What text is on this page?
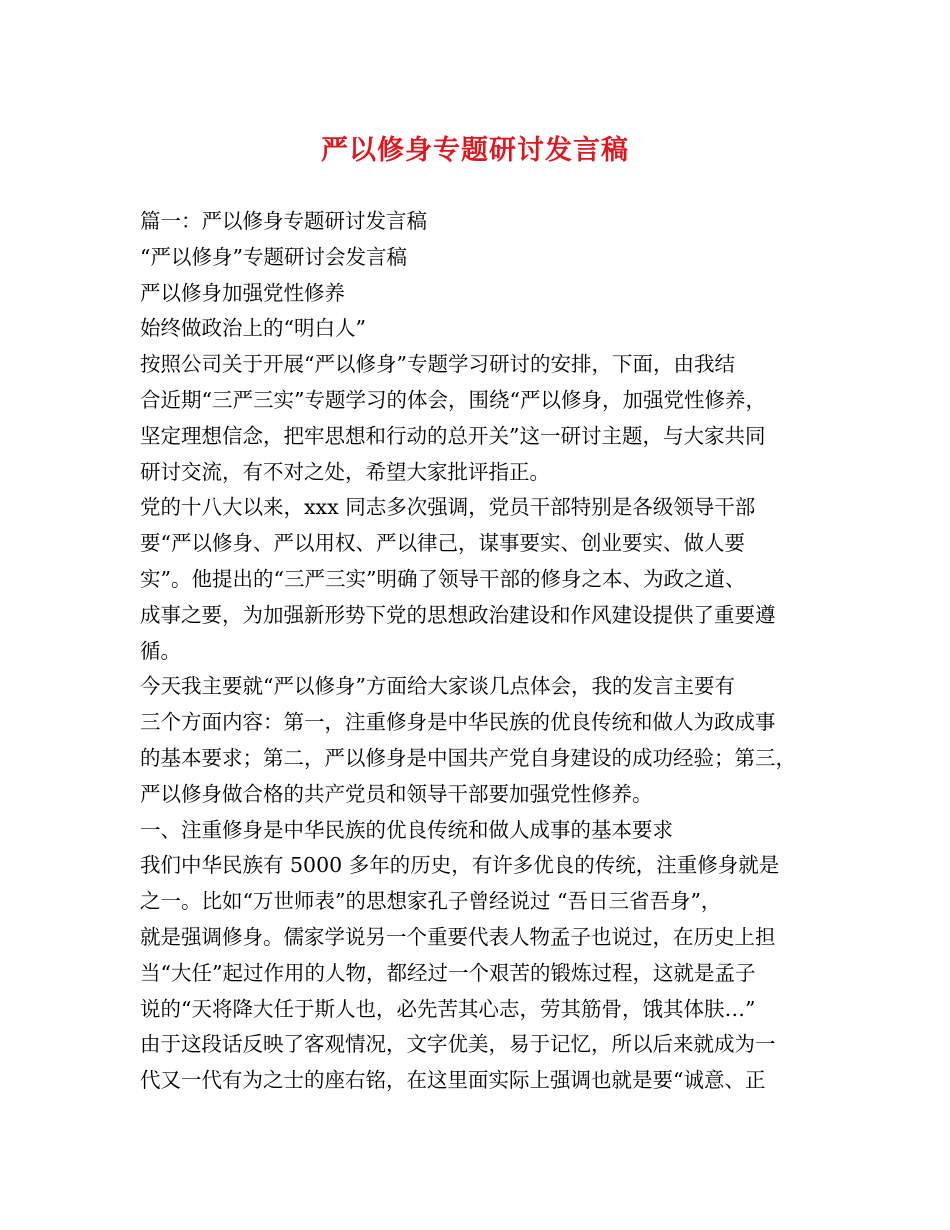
严以修身专题研讨发言稿
篇一：严以修身专题研讨发言稿
“严以修身”专题研讨会发言稿
严以修身加强党性修养
始终做政治上的“明白人”
按照公司关于开展“严以修身”专题学习研讨的安排，下面，由我结
合近期“三严三实”专题学习的体会，围绕“严以修身，加强党性修养，
坚定理想信念，把牢思想和行动的总开关”这一研讨主题，与大家共同
研讨交流，有不对之处，希望大家批评指正。
党的十八大以来，xxx 同志多次强调，党员干部特别是各级领导干部
要“严以修身、严以用权、严以律己，谋事要实、创业要实、做人要
实”。他提出的“三严三实”明确了领导干部的修身之本、为政之道、
成事之要，为加强新形势下党的思想政治建设和作风建设提供了重要遵
循。
今天我主要就“严以修身”方面给大家谈几点体会，我的发言主要有
三个方面内容：第一，注重修身是中华民族的优良传统和做人为政成事
的基本要求；第二，严以修身是中国共产党自身建设的成功经验；第三，
严以修身做合格的共产党员和领导干部要加强党性修养。
一、注重修身是中华民族的优良传统和做人成事的基本要求
我们中华民族有 5000 多年的历史，有许多优良的传统，注重修身就是
之一。比如“万世师表”的思想家孔子曾经说过 “吾日三省吾身”，
就是强调修身。儒家学说另一个重要代表人物孟子也说过，在历史上担
当“大任”起过作用的人物，都经过一个艰苦的锻炼过程，这就是孟子
说的“天将降大任于斯人也，必先苦其心志，劳其筋骨，饿其体肤…”
由于这段话反映了客观情况，文字优美，易于记忆，所以后来就成为一
代又一代有为之士的座右铭，在这里面实际上强调也就是要“诚意、正
